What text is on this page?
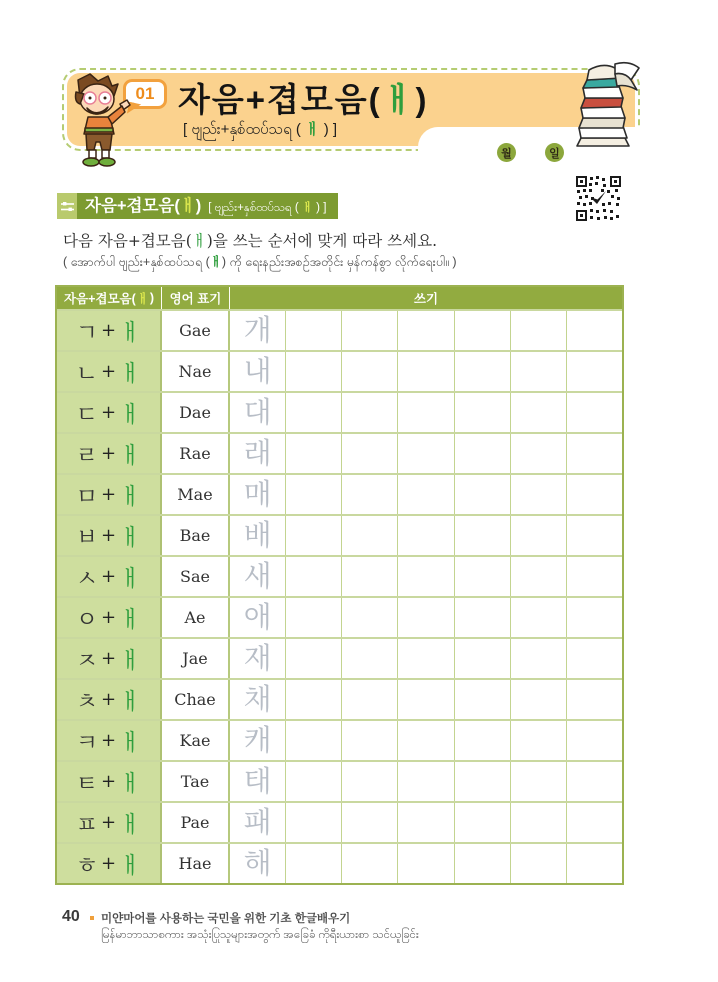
01 자음+겹모음(ㅐ)
[ ဗျည်း+နှစ်ထပ်သရ ( ㅐ ) ]
월	일
자음+겹모음(ㅐ) [ ဗျည်း+နှစ်ထပ်သရ ( ㅐ ) ]
다음 자음+겹모음(ㅐ)을 쓰는 순서에 맞게 따라 쓰세요.
( အောက်ပါ ဗျည်း+နှစ်ထပ်သရ (ㅐ) ကို ရေးနည်းအစဉ်အတိုင်း မှန်ကန်စွာ လိုက်ရေးပါ။ )
자음+겹모음( ㅐ ) 영어 표기	쓰기
ㄱ + ㅐ Gae 개
ㄴ + ㅐ Nae 내
ㄷ + ㅐ Dae 대
ㄹ + ㅐ Rae 래
ㅁ + ㅐ Mae 매
ㅂ + ㅐ Bae 배
ㅅ + ㅐ Sae 새
ㅇ + ㅐ	Ae 애
ㅈ + ㅐ	Jae 재
ㅊ + ㅐ Chae 채
ㅋ + ㅐ Kae 캐
ㅌ + ㅐ Tae 태
ㅍ + ㅐ Pae 패
ㅎ + ㅐ Hae 해
40 미얀마어를 사용하는 국민을 위한 기초 한글배우기
မြန်မာဘာသာစကား အသုံးပြုသူများအတွက် အခြေခံ ကိုရီးယားစာ သင်ယူခြင်း
